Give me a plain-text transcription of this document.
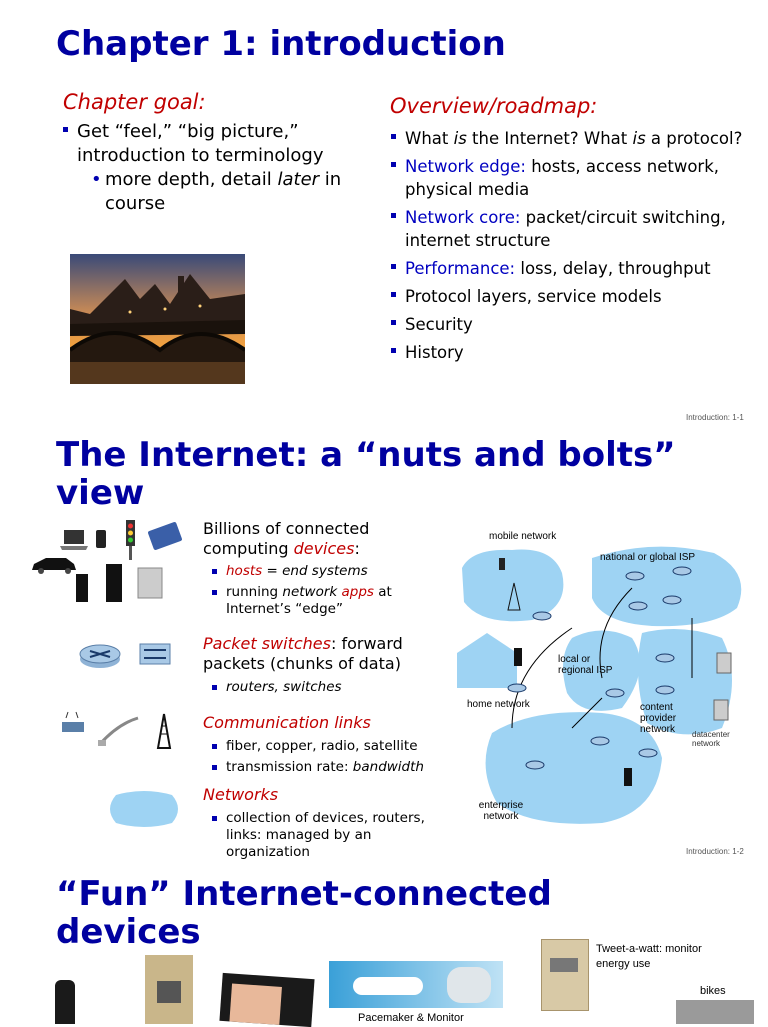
Chapter 1: introduction
Chapter goal:
Get “feel,” “big picture,” introduction to terminology
• more depth, detail later in course
Overview/roadmap:
What is the Internet? What is a protocol?
Network edge: hosts, access network, physical media
Network core: packet/circuit switching, internet structure
Performance: loss, delay, throughput
Protocol layers, service models
Security
History
Introduction: 1-1
The Internet: a “nuts and bolts” view
Billions of connected computing devices:
hosts = end systems
running network apps at Internet’s “edge”
Packet switches: forward packets (chunks of data)
routers, switches
Communication links
fiber, copper, radio, satellite
transmission rate: bandwidth
Networks
collection of devices, routers, links: managed by an organization
mobile network
national or global ISP
local or regional ISP
home network	content provider network	datacenter network
enterprise network
Introduction: 1-2
“Fun” Internet-connected devices	Tweet-a-watt: monitor energy use
bikes
Pacemaker & Monitor
